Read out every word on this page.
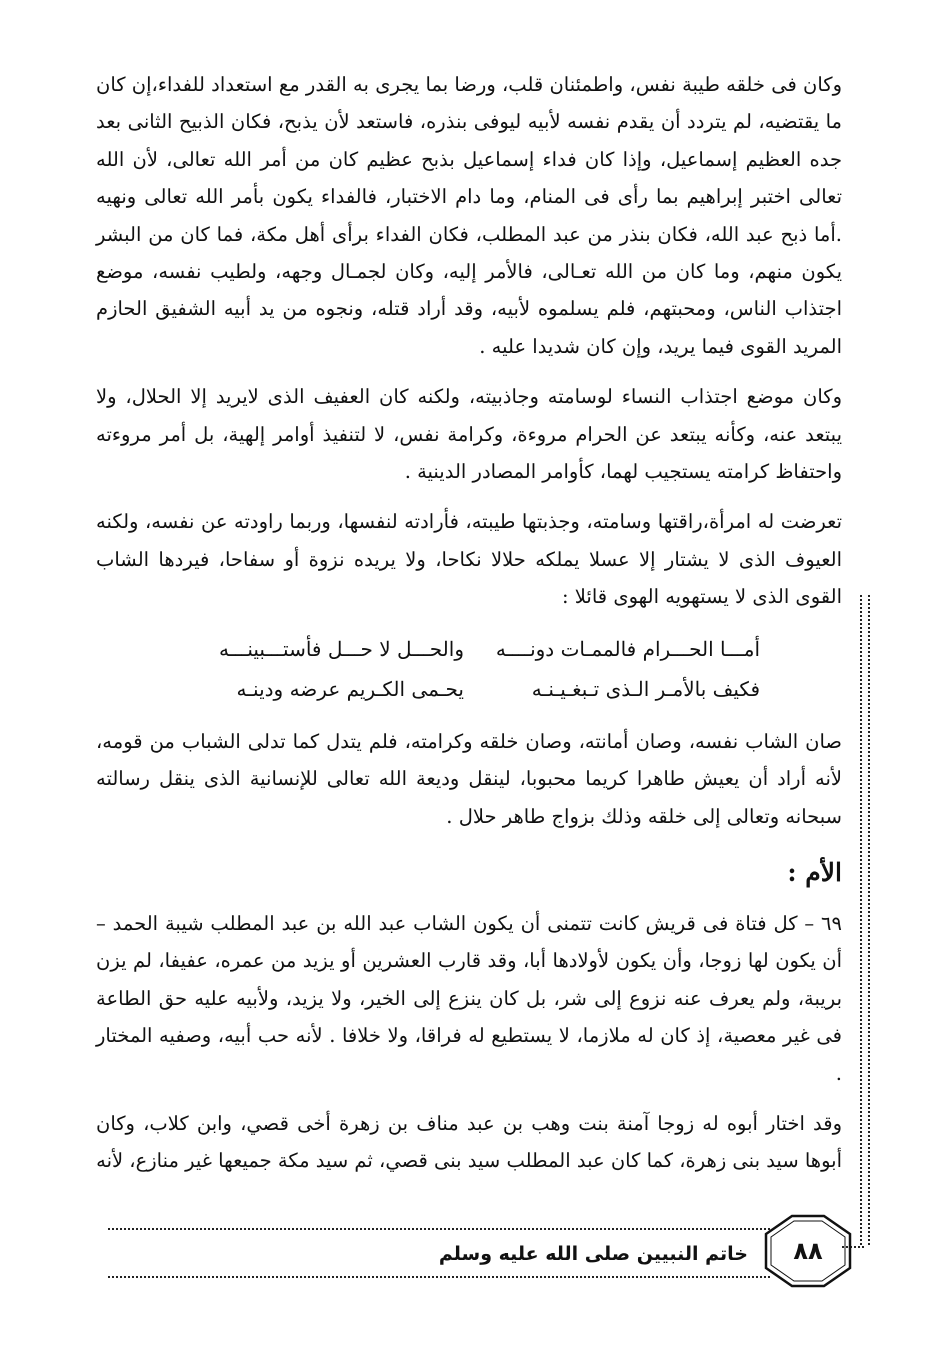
وكان فى خلقه طيبة نفس، واطمئنان قلب، ورضا بما يجرى به القدر مع استعداد للفداء،إن كان ما يقتضيه، لم يتردد أن يقدم نفسه لأبيه ليوفى بنذره، فاستعد لأن يذبح، فكان الذبيح الثانى بعد جده العظيم إسماعيل، وإذا كان فداء إسماعيل بذبح عظيم كان من أمر الله تعالى، لأن الله تعالى اختبر إبراهيم بما رأى فى المنام، وما دام الاختبار، فالفداء يكون بأمر الله تعالى ونهيه .أما ذبح عبد الله، فكان بنذر من عبد المطلب، فكان الفداء برأى أهل مكة، فما كان من البشر يكون منهم، وما كان من الله تعـالى، فالأمر إليه، وكان لجمـال وجهه، ولطيب نفسه، موضع اجتذاب الناس، ومحبتهم، فلم يسلموه لأبيه، وقد أراد قتله، ونجوه من يد أبيه الشفيق الحازم المريد القوى فيما يريد، وإن كان شديدا عليه .

وكان موضع اجتذاب النساء لوسامته وجاذبيته، ولكنه كان العفيف الذى لايريد إلا الحلال، ولا يبتعد عنه، وكأنه يبتعد عن الحرام مروءة، وكرامة نفس، لا لتنفيذ أوامر إلهية، بل أمر مروءته واحتفاظ كرامته يستجيب لهما، كأوامر المصادر الدينية .

تعرضت له امرأة،راقتها وسامته، وجذبتها طيبته، فأرادته لنفسها، وربما راودته عن نفسه، ولكنه العيوف الذى لا يشتار إلا عسلا يملكه حلالا نكاحا، ولا يريده نزوة أو سفاحا، فيردها الشاب القوى الذى لا يستهويه الهوى قائلا :

أمـــا الحـــرام فالممـات دونــــه
والحـــل لا حـــل فأستـــبينـــه
فكيف بالأمـر الـذى تـبغـيـنـه
يحـمى الكـريم عرضه ودينـه

صان الشاب نفسه، وصان أمانته، وصان خلقه وكرامته، فلم يتدل كما تدلى الشباب من قومه، لأنه أراد أن يعيش طاهرا كريما محبوبا، لينقل وديعة الله تعالى للإنسانية الذى ينقل رسالته سبحانه وتعالى إلى خلقه وذلك بزواج طاهر حلال .

الأم :

٦٩ – كل فتاة فى قريش كانت تتمنى أن يكون الشاب عبد الله بن عبد المطلب شيبة الحمد – أن يكون لها زوجا، وأن يكون لأولادها أبا، وقد قارب العشرين أو يزيد من عمره، عفيفا، لم يزن بريبة، ولم يعرف عنه نزوع إلى شر، بل كان ينزع إلى الخير، ولا يزيد، ولأبيه عليه حق الطاعة فى غير معصية، إذ كان له ملازما، لا يستطيع له فراقا، ولا خلافا . لأنه حب أبيه، وصفيه المختار .

وقد اختار أبوه له زوجا آمنة بنت وهب بن عبد مناف بن زهرة أخى قصي، وابن كلاب، وكان أبوها سيد بنى زهرة، كما كان عبد المطلب سيد بنى قصي، ثم سيد مكة جميعها غير منازع، لأنه

خاتم النبيين صلى الله عليه وسلم	٨٨
